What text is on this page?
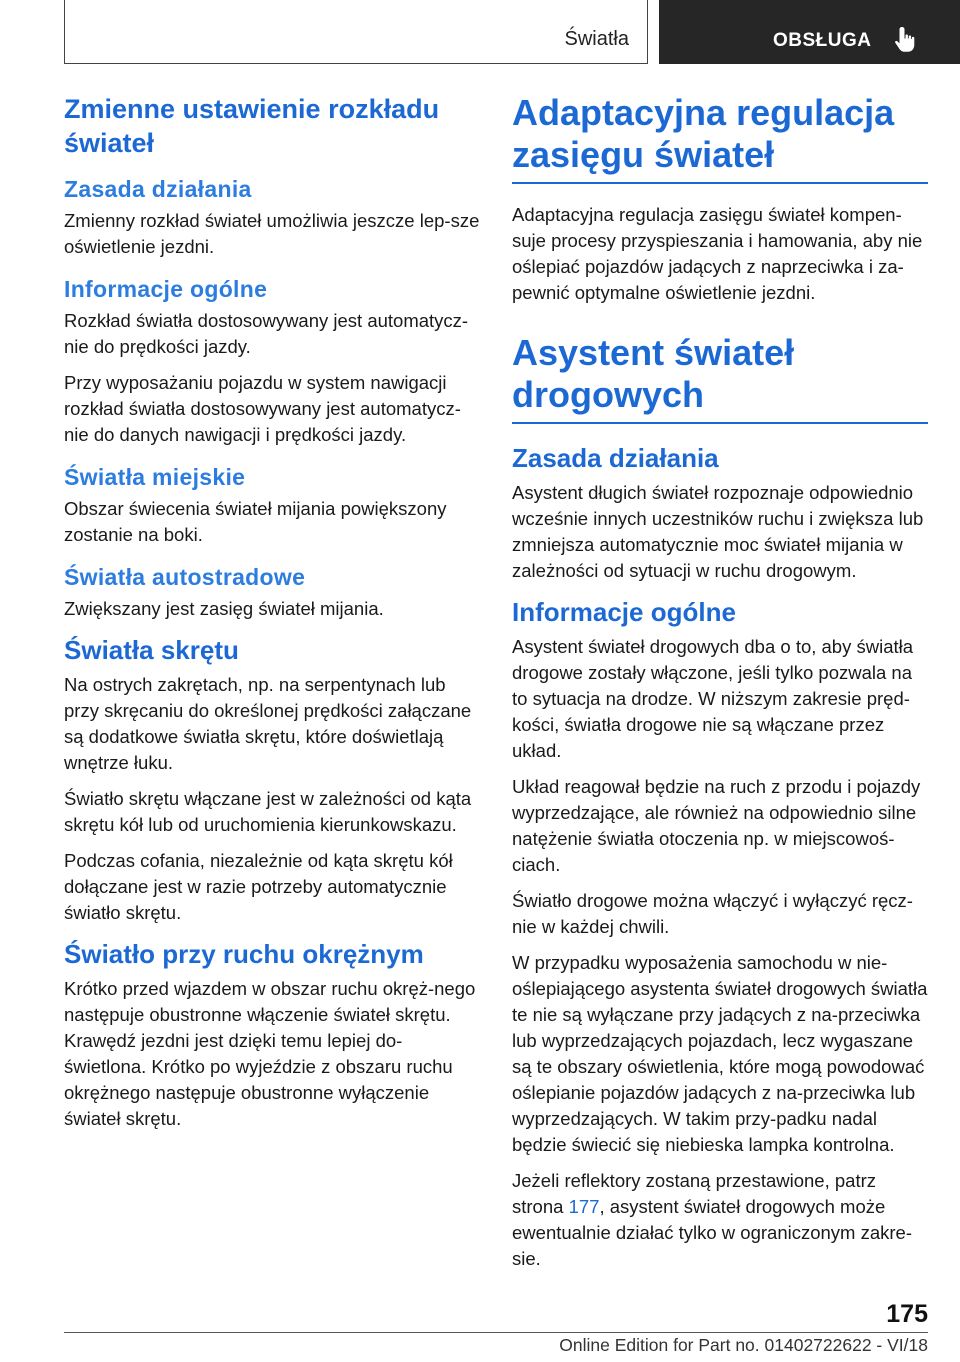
Światła	OBSŁUGA
Zmienne ustawienie rozkładu świateł
Zasada działania

Zmienny rozkład świateł umożliwia jeszcze lep-sze oświetlenie jezdni.

Informacje ogólne

Rozkład światła dostosowywany jest automatycz-nie do prędkości jazdy.

Przy wyposażaniu pojazdu w system nawigacji rozkład światła dostosowywany jest automatycz-nie do danych nawigacji i prędkości jazdy.

Światła miejskie

Obszar świecenia świateł mijania powiększony zostanie na boki.

Światła autostradowe

Zwiększany jest zasięg świateł mijania.

Światła skrętu

Na ostrych zakrętach, np. na serpentynach lub przy skręcaniu do określonej prędkości załączane są dodatkowe światła skrętu, które doświetlają wnętrze łuku.

Światło skrętu włączane jest w zależności od kąta skrętu kół lub od uruchomienia kierunkowskazu.

Podczas cofania, niezależnie od kąta skrętu kół dołączane jest w razie potrzeby automatycznie światło skrętu.

Światło przy ruchu okrężnym

Krótko przed wjazdem w obszar ruchu okręż-nego następuje obustronne włączenie świateł skrętu. Krawędź jezdni jest dzięki temu lepiej do-świetlona. Krótko po wyjeździe z obszaru ruchu okrężnego następuje obustronne wyłączenie świateł skrętu.

Adaptacyjna regulacja zasięgu świateł

Adaptacyjna regulacja zasięgu świateł kompen-suje procesy przyspieszania i hamowania, aby nie oślepiać pojazdów jadących z naprzeciwka i za-pewnić optymalne oświetlenie jezdni.

Asystent świateł drogowych
Zasada działania

Asystent długich świateł rozpoznaje odpowiednio wcześnie innych uczestników ruchu i zwiększa lub zmniejsza automatycznie moc świateł mijania w zależności od sytuacji w ruchu drogowym.

Informacje ogólne

Asystent świateł drogowych dba o to, aby światła drogowe zostały włączone, jeśli tylko pozwala na to sytuacja na drodze. W niższym zakresie pręd-kości, światła drogowe nie są włączane przez układ.

Układ reagował będzie na ruch z przodu i pojazdy wyprzedzające, ale również na odpowiednio silne natężenie światła otoczenia np. w miejscowoś-ciach.

Światło drogowe można włączyć i wyłączyć ręcz-nie w każdej chwili.

W przypadku wyposażenia samochodu w nie-oślepiającego asystenta świateł drogowych światła te nie są wyłączane przy jadących z na-przeciwka lub wyprzedzających pojazdach, lecz wygaszane są te obszary oświetlenia, które mogą powodować oślepianie pojazdów jadących z na-przeciwka lub wyprzedzających. W takim przy-padku nadal będzie świecić się niebieska lampka kontrolna.

Jeżeli reflektory zostaną przestawione, patrz strona 177, asystent świateł drogowych może ewentualnie działać tylko w ograniczonym zakre-sie.

175
Online Edition for Part no. 01402722622 - VI/18
